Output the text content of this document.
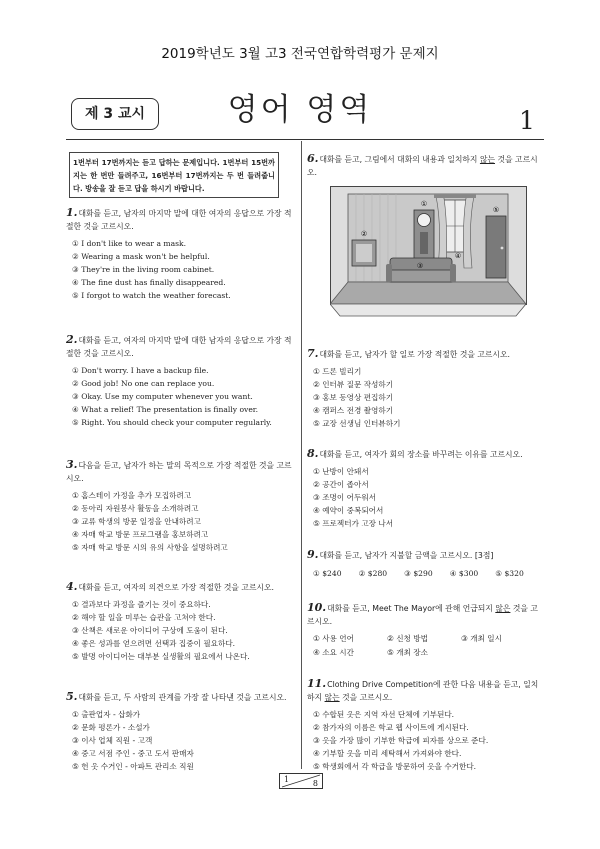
2019학년도 3월 고3 전국연합학력평가 문제지
제 3 교시	영어 영역	1
1번부터 17번까지는 듣고 답하는 문제입니다. 1번부터 15번까지는 한 번만 들려주고, 16번부터 17번까지는 두 번 들려줍니다. 방송을 잘 듣고 답을 하시기 바랍니다.
1.대화를 듣고, 남자의 마지막 말에 대한 여자의 응답으로 가장 적절한 것을 고르시오.
① I don't like to wear a mask.
② Wearing a mask won't be helpful.
③ They're in the living room cabinet.
④ The fine dust has finally disappeared.
⑤ I forgot to watch the weather forecast.
2.대화를 듣고, 여자의 마지막 말에 대한 남자의 응답으로 가장 적절한 것을 고르시오.
① Don't worry. I have a backup file.
② Good job! No one can replace you.
③ Okay. Use my computer whenever you want.
④ What a relief! The presentation is finally over.
⑤ Right. You should check your computer regularly.
3.다음을 듣고, 남자가 하는 말의 목적으로 가장 적절한 것을 고르시오.
① 홈스테이 가정을 추가 모집하려고
② 동아리 자원봉사 활동을 소개하려고
③ 교류 학생의 방문 일정을 안내하려고
④ 자매 학교 방문 프로그램을 홍보하려고
⑤ 자매 학교 방문 시의 유의 사항을 설명하려고
4.대화를 듣고, 여자의 의견으로 가장 적절한 것을 고르시오.
① 결과보다 과정을 즐기는 것이 중요하다.
② 해야 할 일을 미루는 습관을 고쳐야 한다.
③ 산책은 새로운 아이디어 구상에 도움이 된다.
④ 좋은 성과를 얻으려면 선택과 집중이 필요하다.
⑤ 발명 아이디어는 대부분 실생활의 필요에서 나온다.
5.대화를 듣고, 두 사람의 관계를 가장 잘 나타낸 것을 고르시오.
① 출판업자 - 삽화가
② 문화 평론가 - 소설가
③ 이사 업체 직원 - 고객
④ 중고 서점 주인 - 중고 도서 판매자
⑤ 헌 옷 수거인 - 아파트 관리소 직원
6.대화를 듣고, 그림에서 대화의 내용과 일치하지 않는 것을 고르시오.
①
②
③
④
⑤
7.대화를 듣고, 남자가 할 일로 가장 적절한 것을 고르시오.
① 드론 빌리기
② 인터뷰 질문 작성하기
③ 홍보 동영상 편집하기
④ 캠퍼스 전경 촬영하기
⑤ 교장 선생님 인터뷰하기
8.대화를 듣고, 여자가 회의 장소를 바꾸려는 이유를 고르시오.
① 난방이 안돼서
② 공간이 좁아서
③ 조명이 어두워서
④ 예약이 중복되어서
⑤ 프로젝터가 고장 나서
9.대화를 듣고, 남자가 지불할 금액을 고르시오. [3점]
① $240 ② $280 ③ $290 ④ $300 ⑤ $320
10.대화를 듣고, Meet The Mayor에 관해 언급되지 않은 것을 고르시오.
① 사용 언어	② 신청 방법	③ 개최 일시
④ 소요 시간	⑤ 개최 장소
11.Clothing Drive Competition에 관한 다음 내용을 듣고, 일치하지 않는 것을 고르시오.
① 수합된 옷은 지역 자선 단체에 기부된다.
② 참가자의 이름은 학교 웹 사이트에 게시된다.
③ 옷을 가장 많이 기부한 학급에 피자를 상으로 준다.
④ 기부할 옷을 미리 세탁해서 가져와야 한다.
⑤ 학생회에서 각 학급을 방문하여 옷을 수거한다.
1	8
